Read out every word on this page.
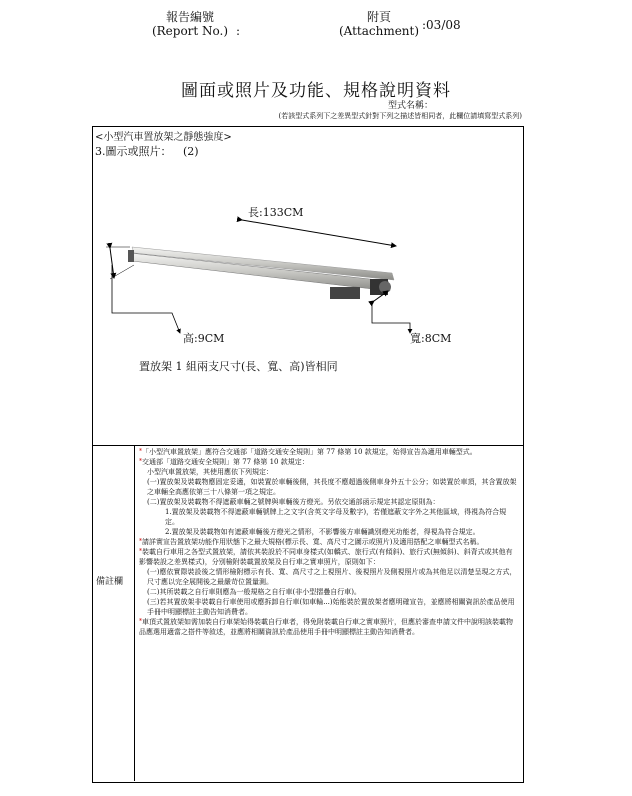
報告編號
(Report No.) :
附頁
(Attachment) :03/08
圖面或照片及功能、規格說明資料
型式名稱：
(若該型式系列下之差異型式針對下列之描述皆相同者，此欄位請填寫型式系列)
<小型汽車置放架之靜態強度>
3.圖示或照片： (2)
長:133CM
高:9CM	寬:8CM
置放架 1 組兩支尺寸(長、寬、高)皆相同
備註欄

*「小型汽車置放架」應符合交通部「道路交通安全規則」第 77 條第 10 款規定，始得宣告為適用車輛型式。

*交通部「道路交通安全規則」第 77 條第 10 款規定：

小型汽車置放架，其使用應依下列規定：

(一)置放架及裝載物應固定妥適，如裝置於車輛後側，其長度不應超過後側車身外五十公分；如裝置於車頂，其含置放架之車輛全高應依第三十八條第一項之規定。

(二)置放架及裝載物不得遮蔽車輛之號牌與車輛後方燈光。另依交通部函示規定其認定原則為：

1.置放架及裝載物不得遮蔽車輛號牌上之文字(含英文字母及數字)，若僅遮蔽文字外之其他區域，得視為符合規定。

2.置放架及裝載物如有遮蔽車輛後方燈光之情形，不影響後方車輛識別燈光功能者，得視為符合規定。

*請詳實宣告置放架功能作用狀態下之最大規格(標示長、寬、高尺寸之圖示或照片)及適用搭配之車輛型式名稱。

*裝載自行車用之各型式置放架，請依其裝設於不同車身樣式(如轎式、旅行式(有傾斜)、旅行式(無傾斜)、斜背式或其他有影響裝設之差異樣式)，分別檢附裝載置放架及自行車之實車照片，原則如下：

(一)應依實際裝設後之情形檢附標示有長、寬、高尺寸之上視照片、後視照片及側視照片或為其他足以清楚呈現之方式，尺寸應以完全展開後之最嚴苛位置量測。

(二)其所裝載之自行車則應為一般規格之自行車(非小型摺疊自行車)。

(三)若其置放架非裝載自行車使用或應拆卸自行車(如車輪...)始能裝於置放架者應明確宣告，並應將相關資訊於產品使用手冊中明顯標註主動告知消費者。

*車頂式置放架如需加裝自行車架始得裝載自行車者，得免附裝載自行車之實車照片，但應於審查申請文件中說明該裝載物品應選用適當之搭件等敘述，並應將相關資訊於產品使用手冊中明顯標註主動告知消費者。
